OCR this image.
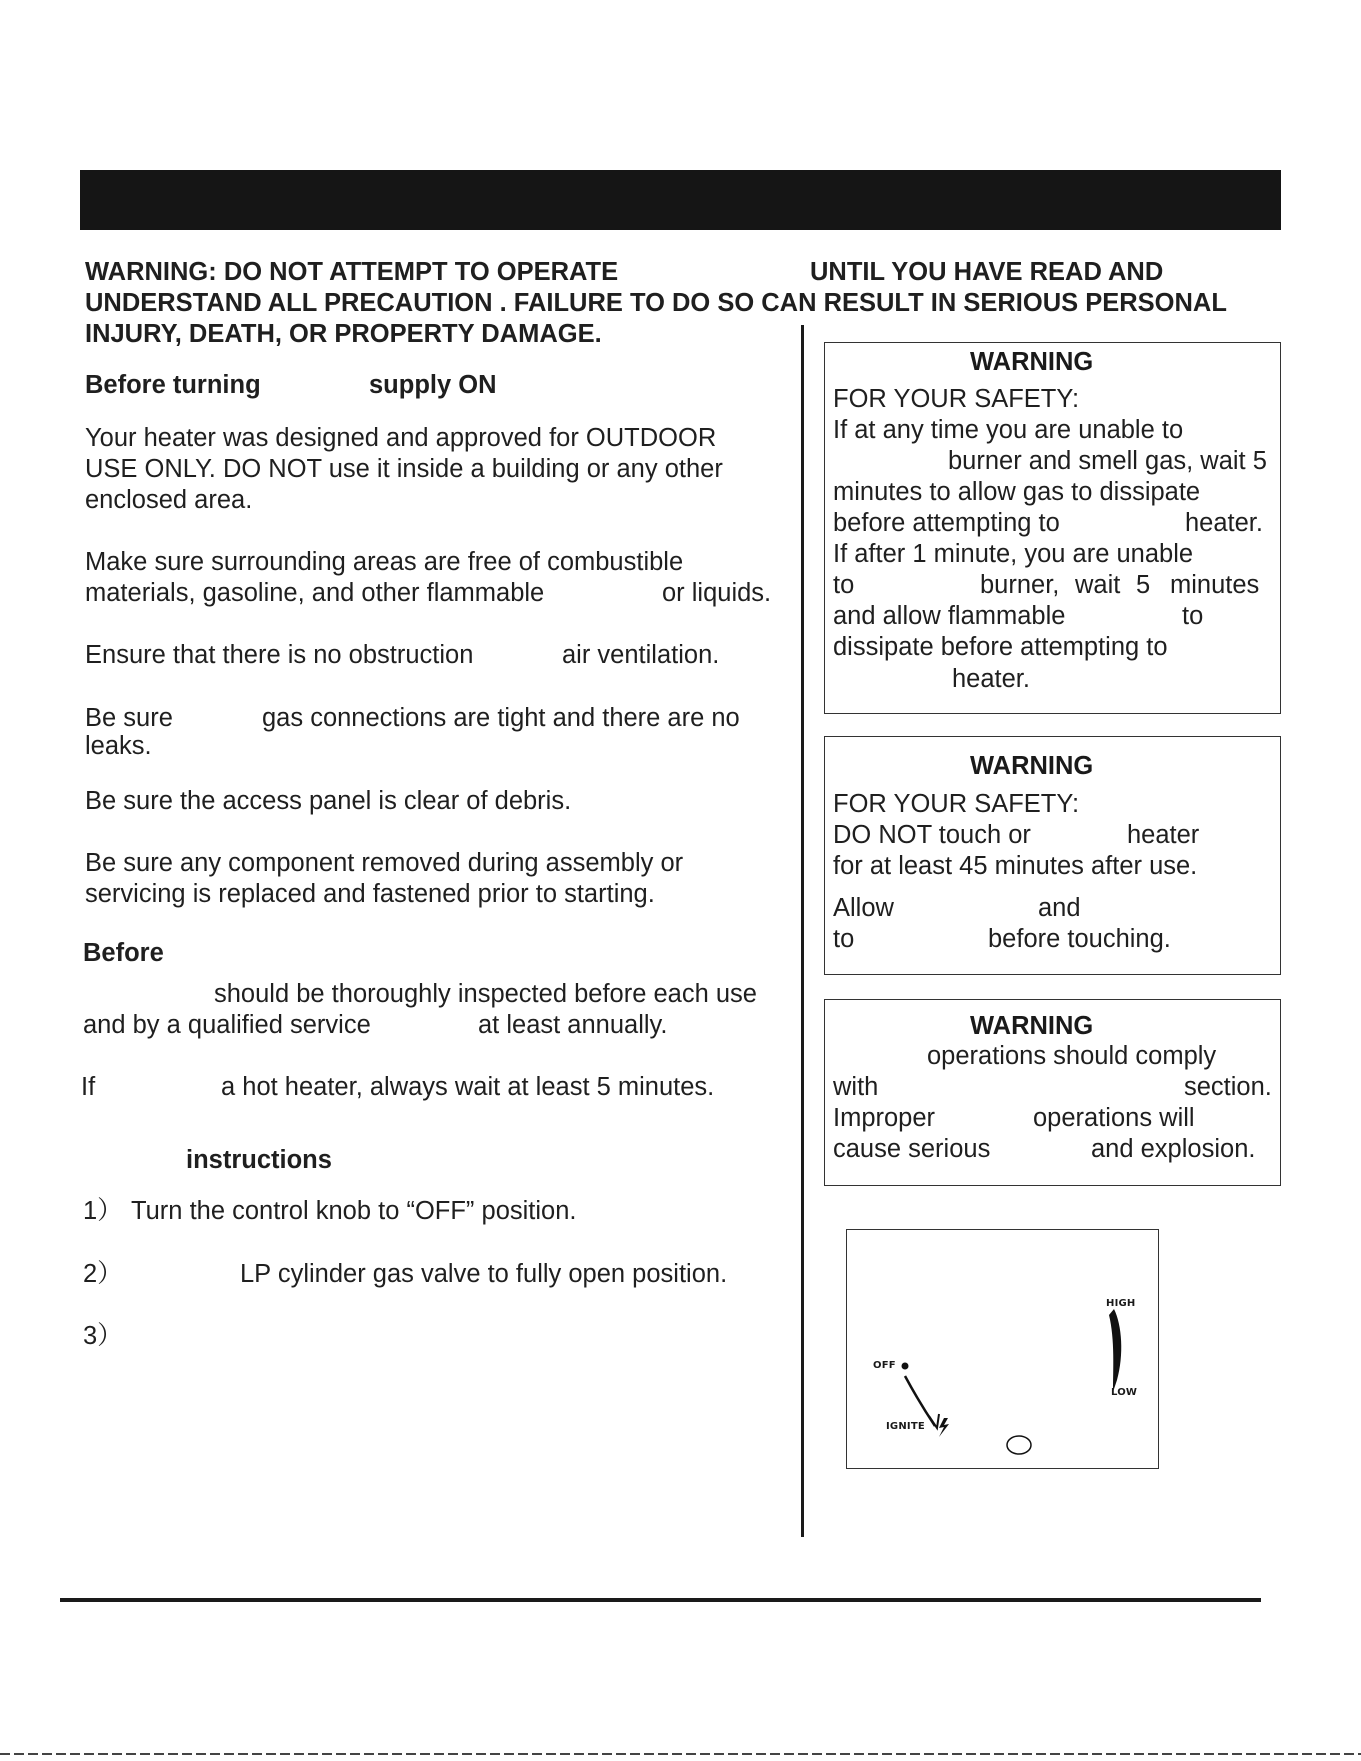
WARNING: DO NOT ATTEMPT TO OPERATE	UNTIL YOU HAVE READ AND
UNDERSTAND ALL PRECAUTION . FAILURE TO DO SO CAN RESULT IN SERIOUS PERSONAL
INJURY, DEATH, OR PROPERTY DAMAGE.
Before turning	supply ON
Your heater was designed and approved for OUTDOOR
USE ONLY. DO NOT use it inside a building or any other
enclosed area.
Make sure surrounding areas are free of combustible
materials, gasoline, and other flammable	or liquids.
Ensure that there is no obstruction	air ventilation.
Be sure	gas connections are tight and there are no
leaks.
Be sure the access panel is clear of debris.
Be sure any component removed during assembly or
servicing is replaced and fastened prior to starting.
Before
should be thoroughly inspected before each use
and by a qualified service	at least annually.
If	a hot heater, always wait at least 5 minutes.
instructions
1） Turn the control knob to “OFF” position.
2）	LP cylinder gas valve to fully open position.
3）
WARNING
FOR YOUR SAFETY:
If at any time you are unable to
burner and smell gas, wait 5
minutes to allow gas to dissipate
before attempting to	heater.
If after 1 minute, you are unable
to	burner, wait 5 minutes
and allow flammable	to
dissipate before attempting to
heater.
WARNING
FOR YOUR SAFETY:
DO NOT touch or	heater
for at least 45 minutes after use.
Allow	and
to	before touching.
WARNING
operations should comply
with	section.
Improper	operations will
cause serious	and explosion.
OFF
IGNITE
HIGH
LOW
